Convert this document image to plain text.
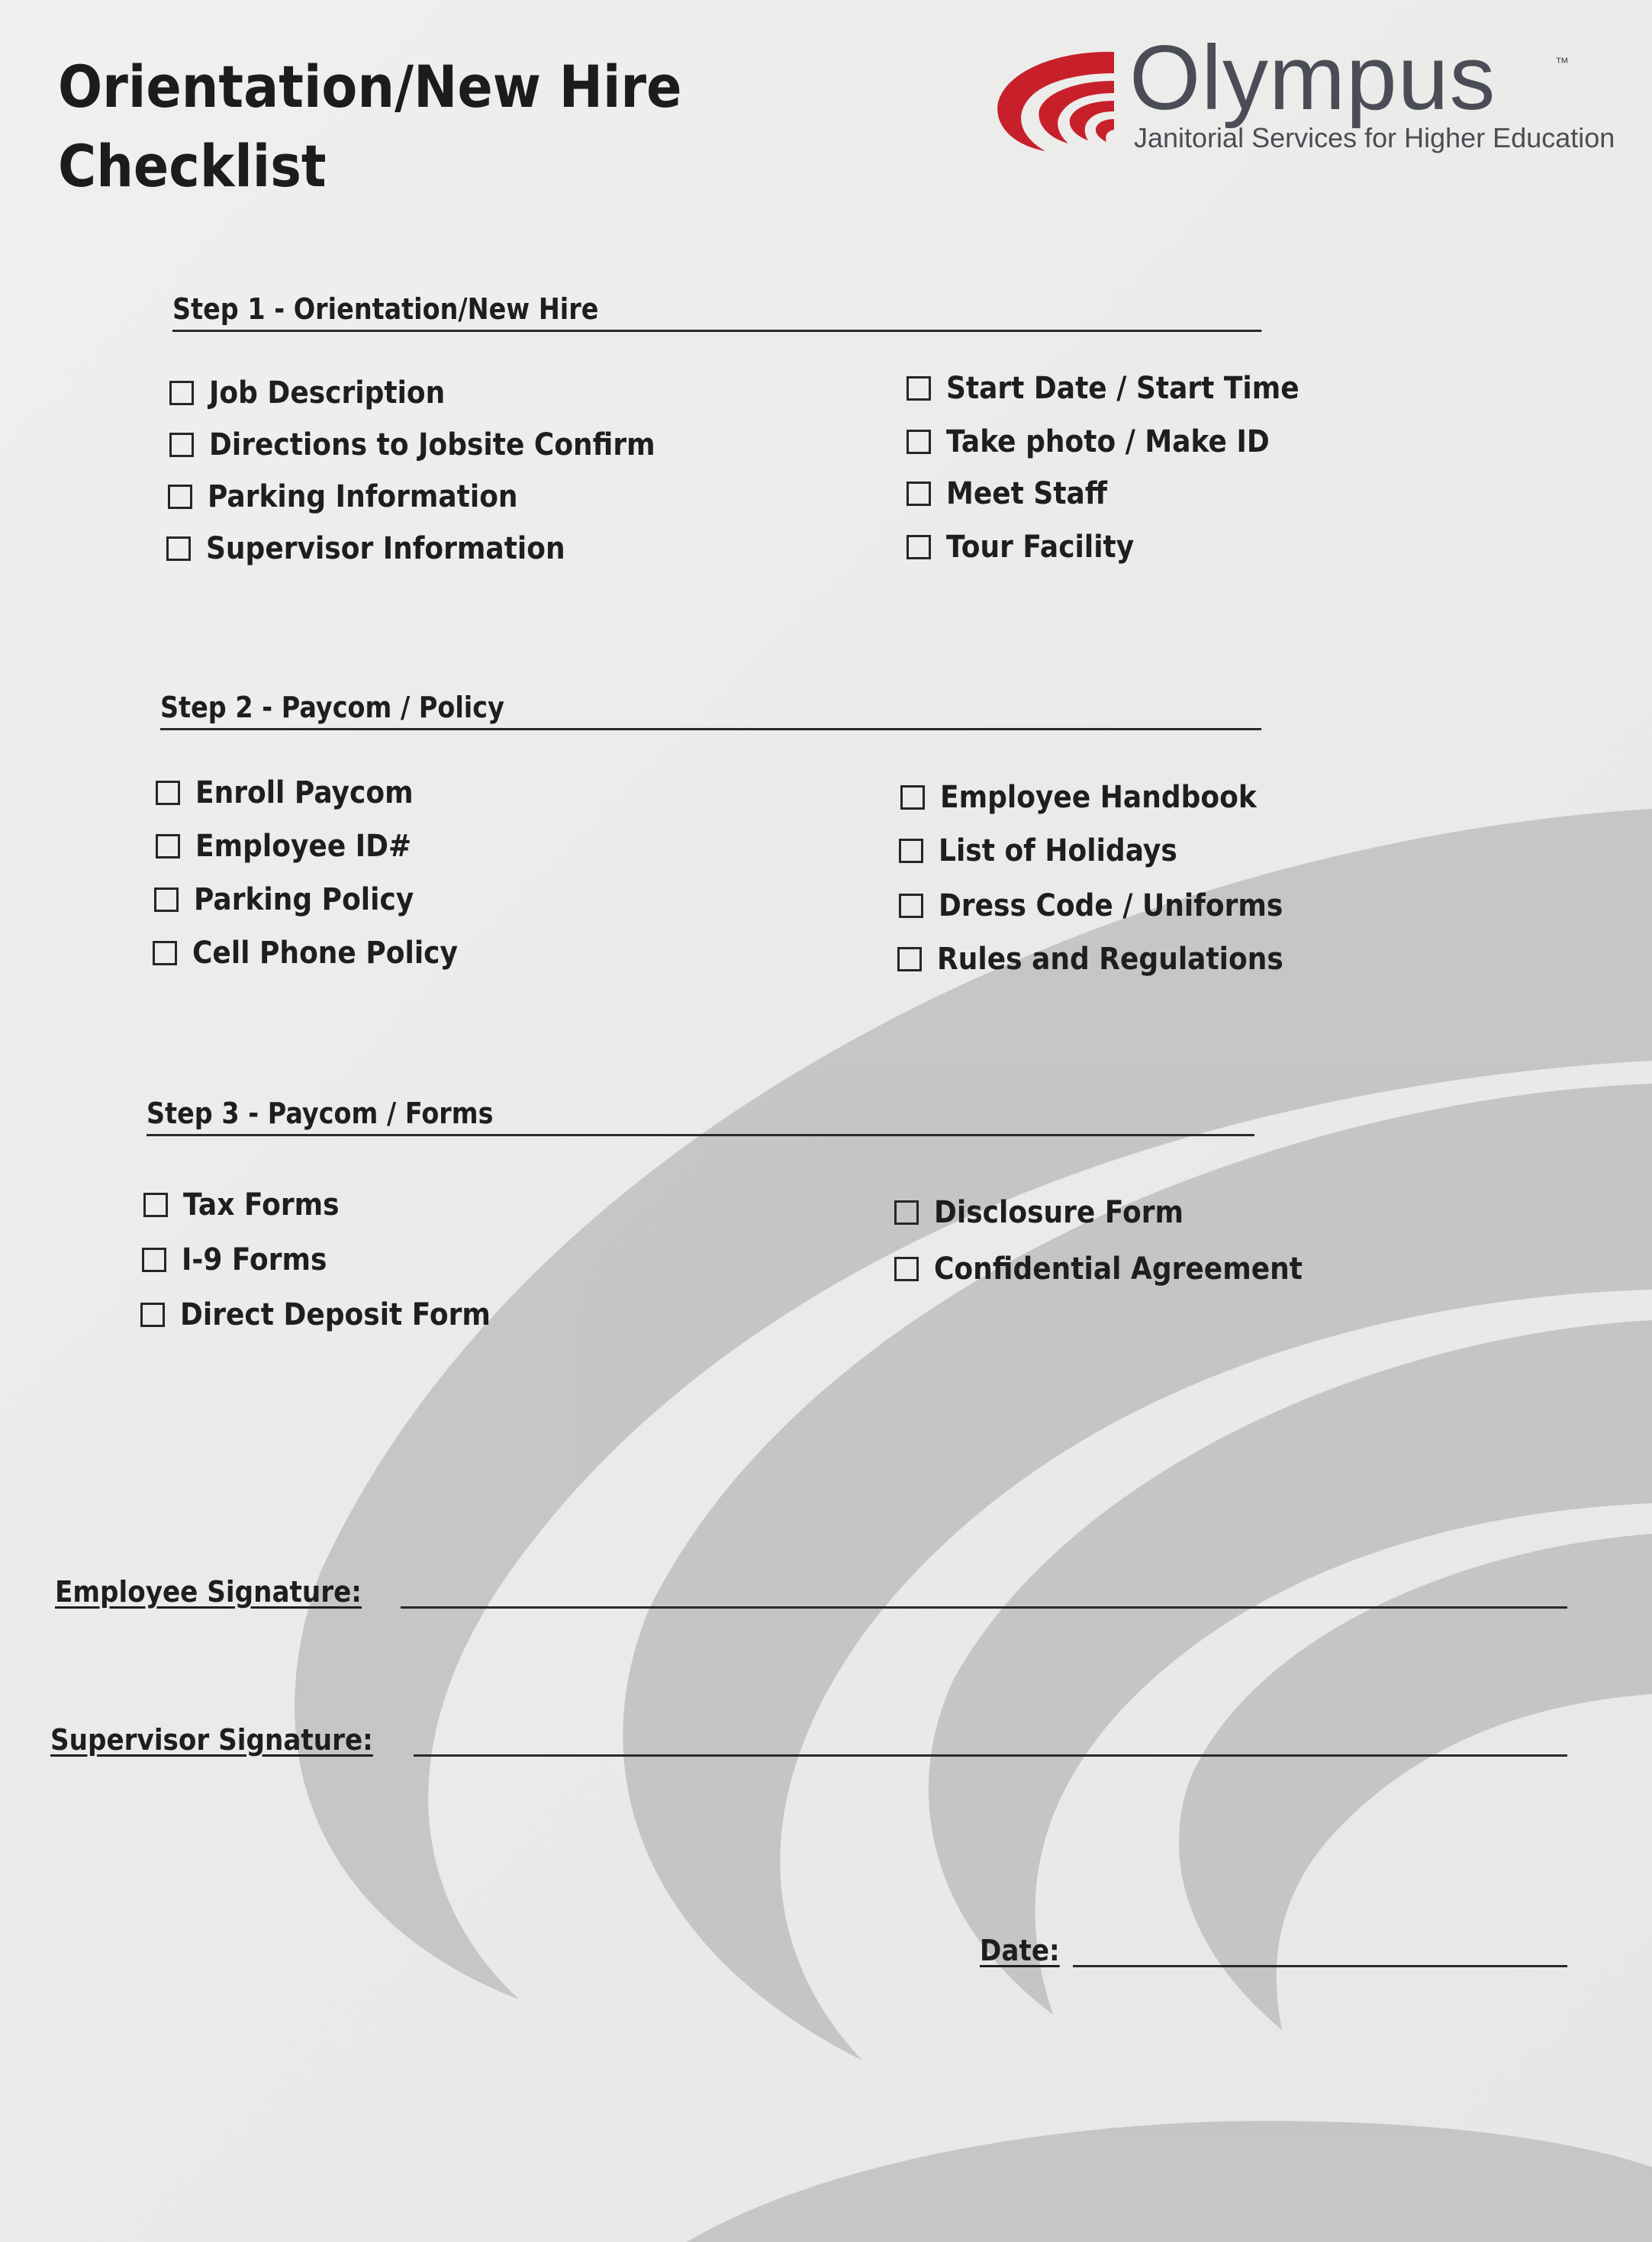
Orientation/New Hire
Checklist
Olympus	™
Janitorial Services for Higher Education
Step 1 - Orientation/New Hire
Job Description
Directions to Jobsite Confirm
Parking Information
Supervisor Information
Start Date / Start Time
Take photo / Make ID
Meet Staff
Tour Facility
Step 2 - Paycom / Policy
Enroll Paycom
Employee ID#
Parking Policy
Cell Phone Policy
Employee Handbook
List of Holidays
Dress Code / Uniforms
Rules and Regulations
Step 3 - Paycom / Forms
Tax Forms
I-9 Forms
Direct Deposit Form
Disclosure Form
Confidential Agreement
Employee Signature:
Supervisor Signature:
Date:
